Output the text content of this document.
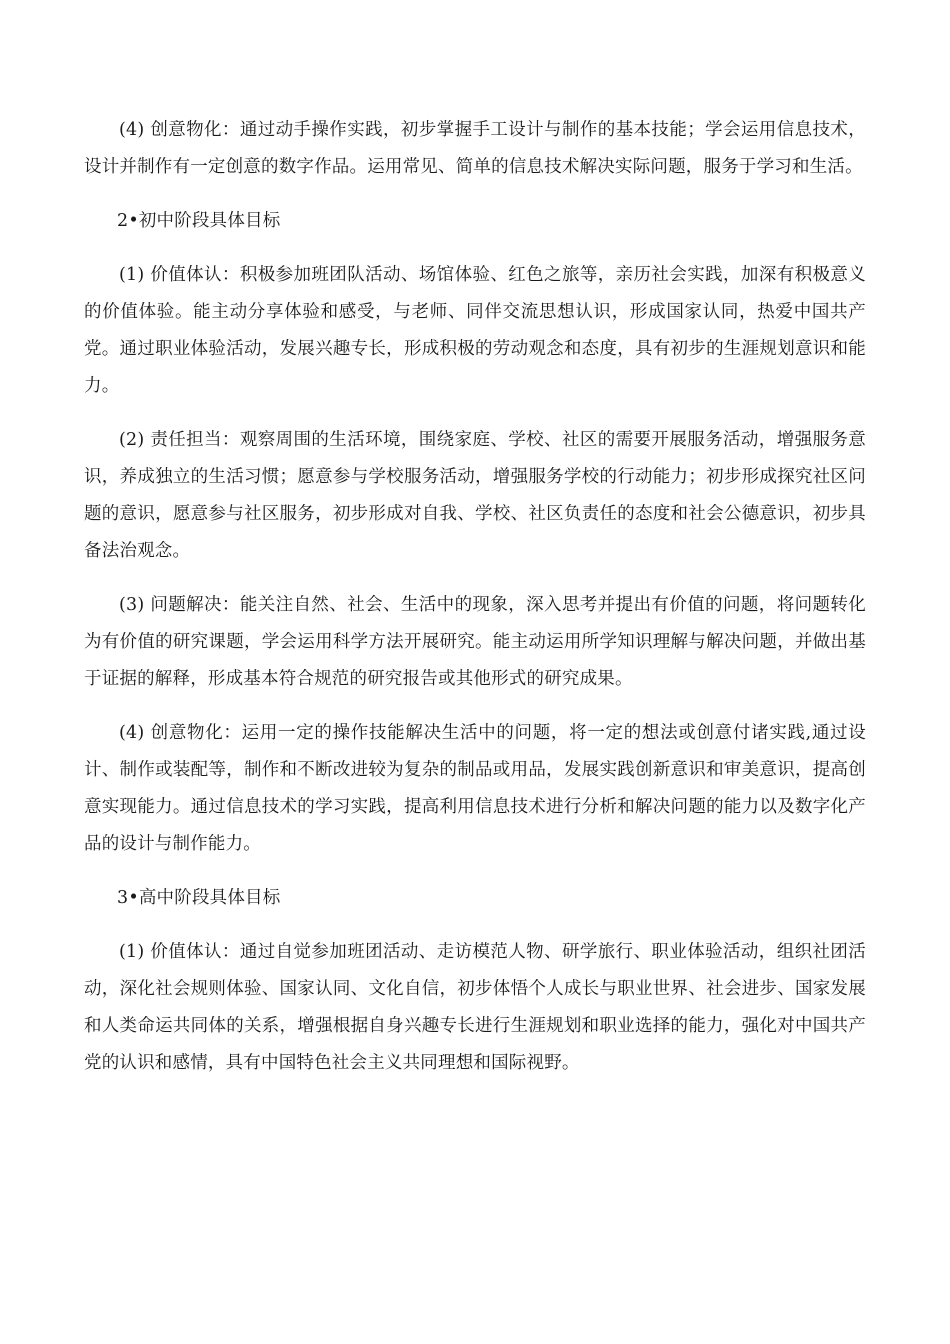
(4) 创意物化：通过动手操作实践，初步掌握手工设计与制作的基本技能；学会运用信息技术，设计并制作有一定创意的数字作品。运用常见、简单的信息技术解决实际问题，服务于学习和生活。

2•初中阶段具体目标

(1) 价值体认：积极参加班团队活动、场馆体验、红色之旅等，亲历社会实践，加深有积极意义的价值体验。能主动分享体验和感受，与老师、同伴交流思想认识，形成国家认同，热爱中国共产党。通过职业体验活动，发展兴趣专长，形成积极的劳动观念和态度，具有初步的生涯规划意识和能力。

(2) 责任担当：观察周围的生活环境，围绕家庭、学校、社区的需要开展服务活动，增强服务意识，养成独立的生活习惯；愿意参与学校服务活动，增强服务学校的行动能力；初步形成探究社区问题的意识，愿意参与社区服务，初步形成对自我、学校、社区负责任的态度和社会公德意识，初步具备法治观念。

(3) 问题解决：能关注自然、社会、生活中的现象，深入思考并提出有价值的问题，将问题转化为有价值的研究课题，学会运用科学方法开展研究。能主动运用所学知识理解与解决问题，并做出基于证据的解释，形成基本符合规范的研究报告或其他形式的研究成果。

(4) 创意物化：运用一定的操作技能解决生活中的问题，将一定的想法或创意付诸实践,通过设计、制作或装配等，制作和不断改进较为复杂的制品或用品，发展实践创新意识和审美意识，提高创意实现能力。通过信息技术的学习实践，提高利用信息技术进行分析和解决问题的能力以及数字化产品的设计与制作能力。

3•高中阶段具体目标

(1) 价值体认：通过自觉参加班团活动、走访模范人物、研学旅行、职业体验活动，组织社团活动，深化社会规则体验、国家认同、文化自信，初步体悟个人成长与职业世界、社会进步、国家发展和人类命运共同体的关系，增强根据自身兴趣专长进行生涯规划和职业选择的能力，强化对中国共产党的认识和感情，具有中国特色社会主义共同理想和国际视野。
